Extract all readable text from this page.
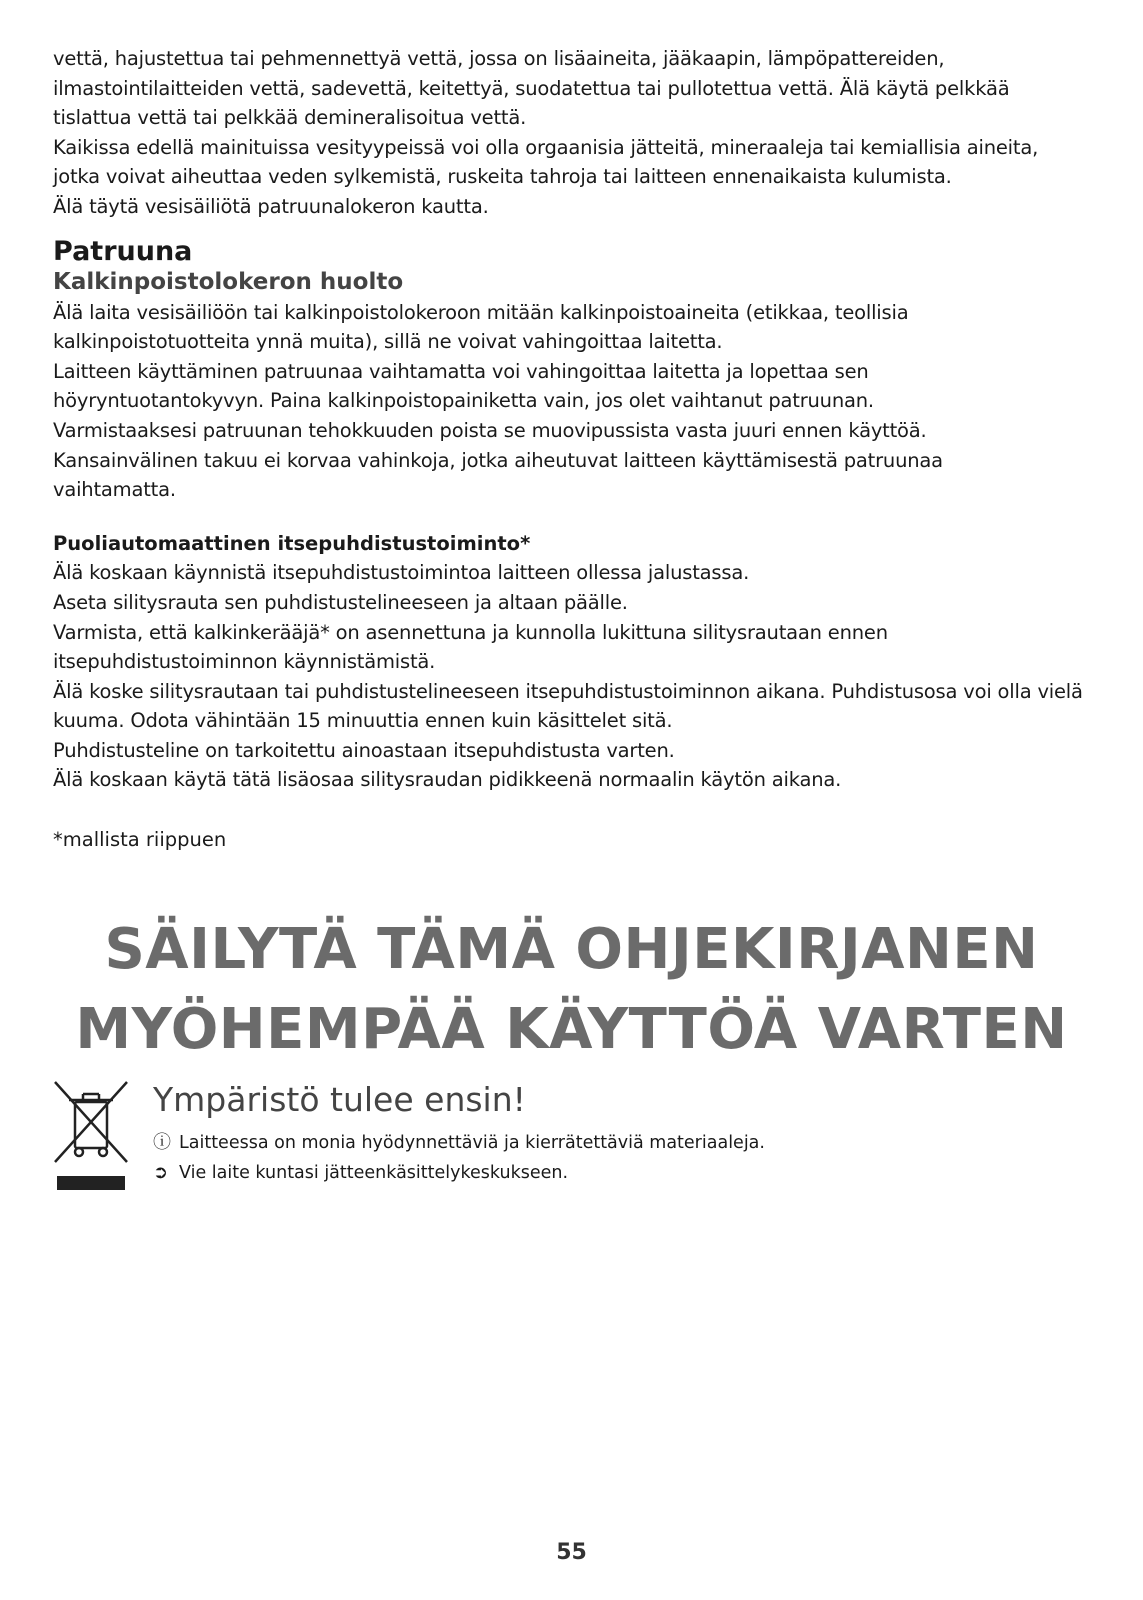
vettä, hajustettua tai pehmennettyä vettä, jossa on lisäaineita, jääkaapin, lämpöpattereiden,

ilmastointilaitteiden vettä, sadevettä, keitettyä, suodatettua tai pullotettua vettä. Älä käytä pelkkää

tislattua vettä tai pelkkää demineralisoitua vettä.

Kaikissa edellä mainituissa vesityypeissä voi olla orgaanisia jätteitä, mineraaleja tai kemiallisia aineita,

jotka voivat aiheuttaa veden sylkemistä, ruskeita tahroja tai laitteen ennenaikaista kulumista.

Älä täytä vesisäiliötä patruunalokeron kautta.

Patruuna
Kalkinpoistolokeron huolto

Älä laita vesisäiliöön tai kalkinpoistolokeroon mitään kalkinpoistoaineita (etikkaa, teollisia

kalkinpoistotuotteita ynnä muita), sillä ne voivat vahingoittaa laitetta.

Laitteen käyttäminen patruunaa vaihtamatta voi vahingoittaa laitetta ja lopettaa sen

höyryntuotantokyvyn. Paina kalkinpoistopainiketta vain, jos olet vaihtanut patruunan.

Varmistaaksesi patruunan tehokkuuden poista se muovipussista vasta juuri ennen käyttöä.

Kansainvälinen takuu ei korvaa vahinkoja, jotka aiheutuvat laitteen käyttämisestä patruunaa

vaihtamatta.

Puoliautomaattinen itsepuhdistustoiminto*

Älä koskaan käynnistä itsepuhdistustoimintoa laitteen ollessa jalustassa.

Aseta silitysrauta sen puhdistustelineeseen ja altaan päälle.

Varmista, että kalkinkerääjä* on asennettuna ja kunnolla lukittuna silitysrautaan ennen

itsepuhdistustoiminnon käynnistämistä.

Älä koske silitysrautaan tai puhdistustelineeseen itsepuhdistustoiminnon aikana. Puhdistusosa voi olla vielä

kuuma. Odota vähintään 15 minuuttia ennen kuin käsittelet sitä.

Puhdistusteline on tarkoitettu ainoastaan itsepuhdistusta varten.

Älä koskaan käytä tätä lisäosaa silitysraudan pidikkeenä normaalin käytön aikana.

*mallista riippuen

SÄILYTÄ TÄMÄ OHJEKIRJANEN
MYÖHEMPÄÄ KÄYTTÖÄ VARTEN
Ympäristö tulee ensin!
ⓘ Laitteessa on monia hyödynnettäviä ja kierrätettäviä materiaaleja.
➲ Vie laite kuntasi jätteenkäsittelykeskukseen.
55
